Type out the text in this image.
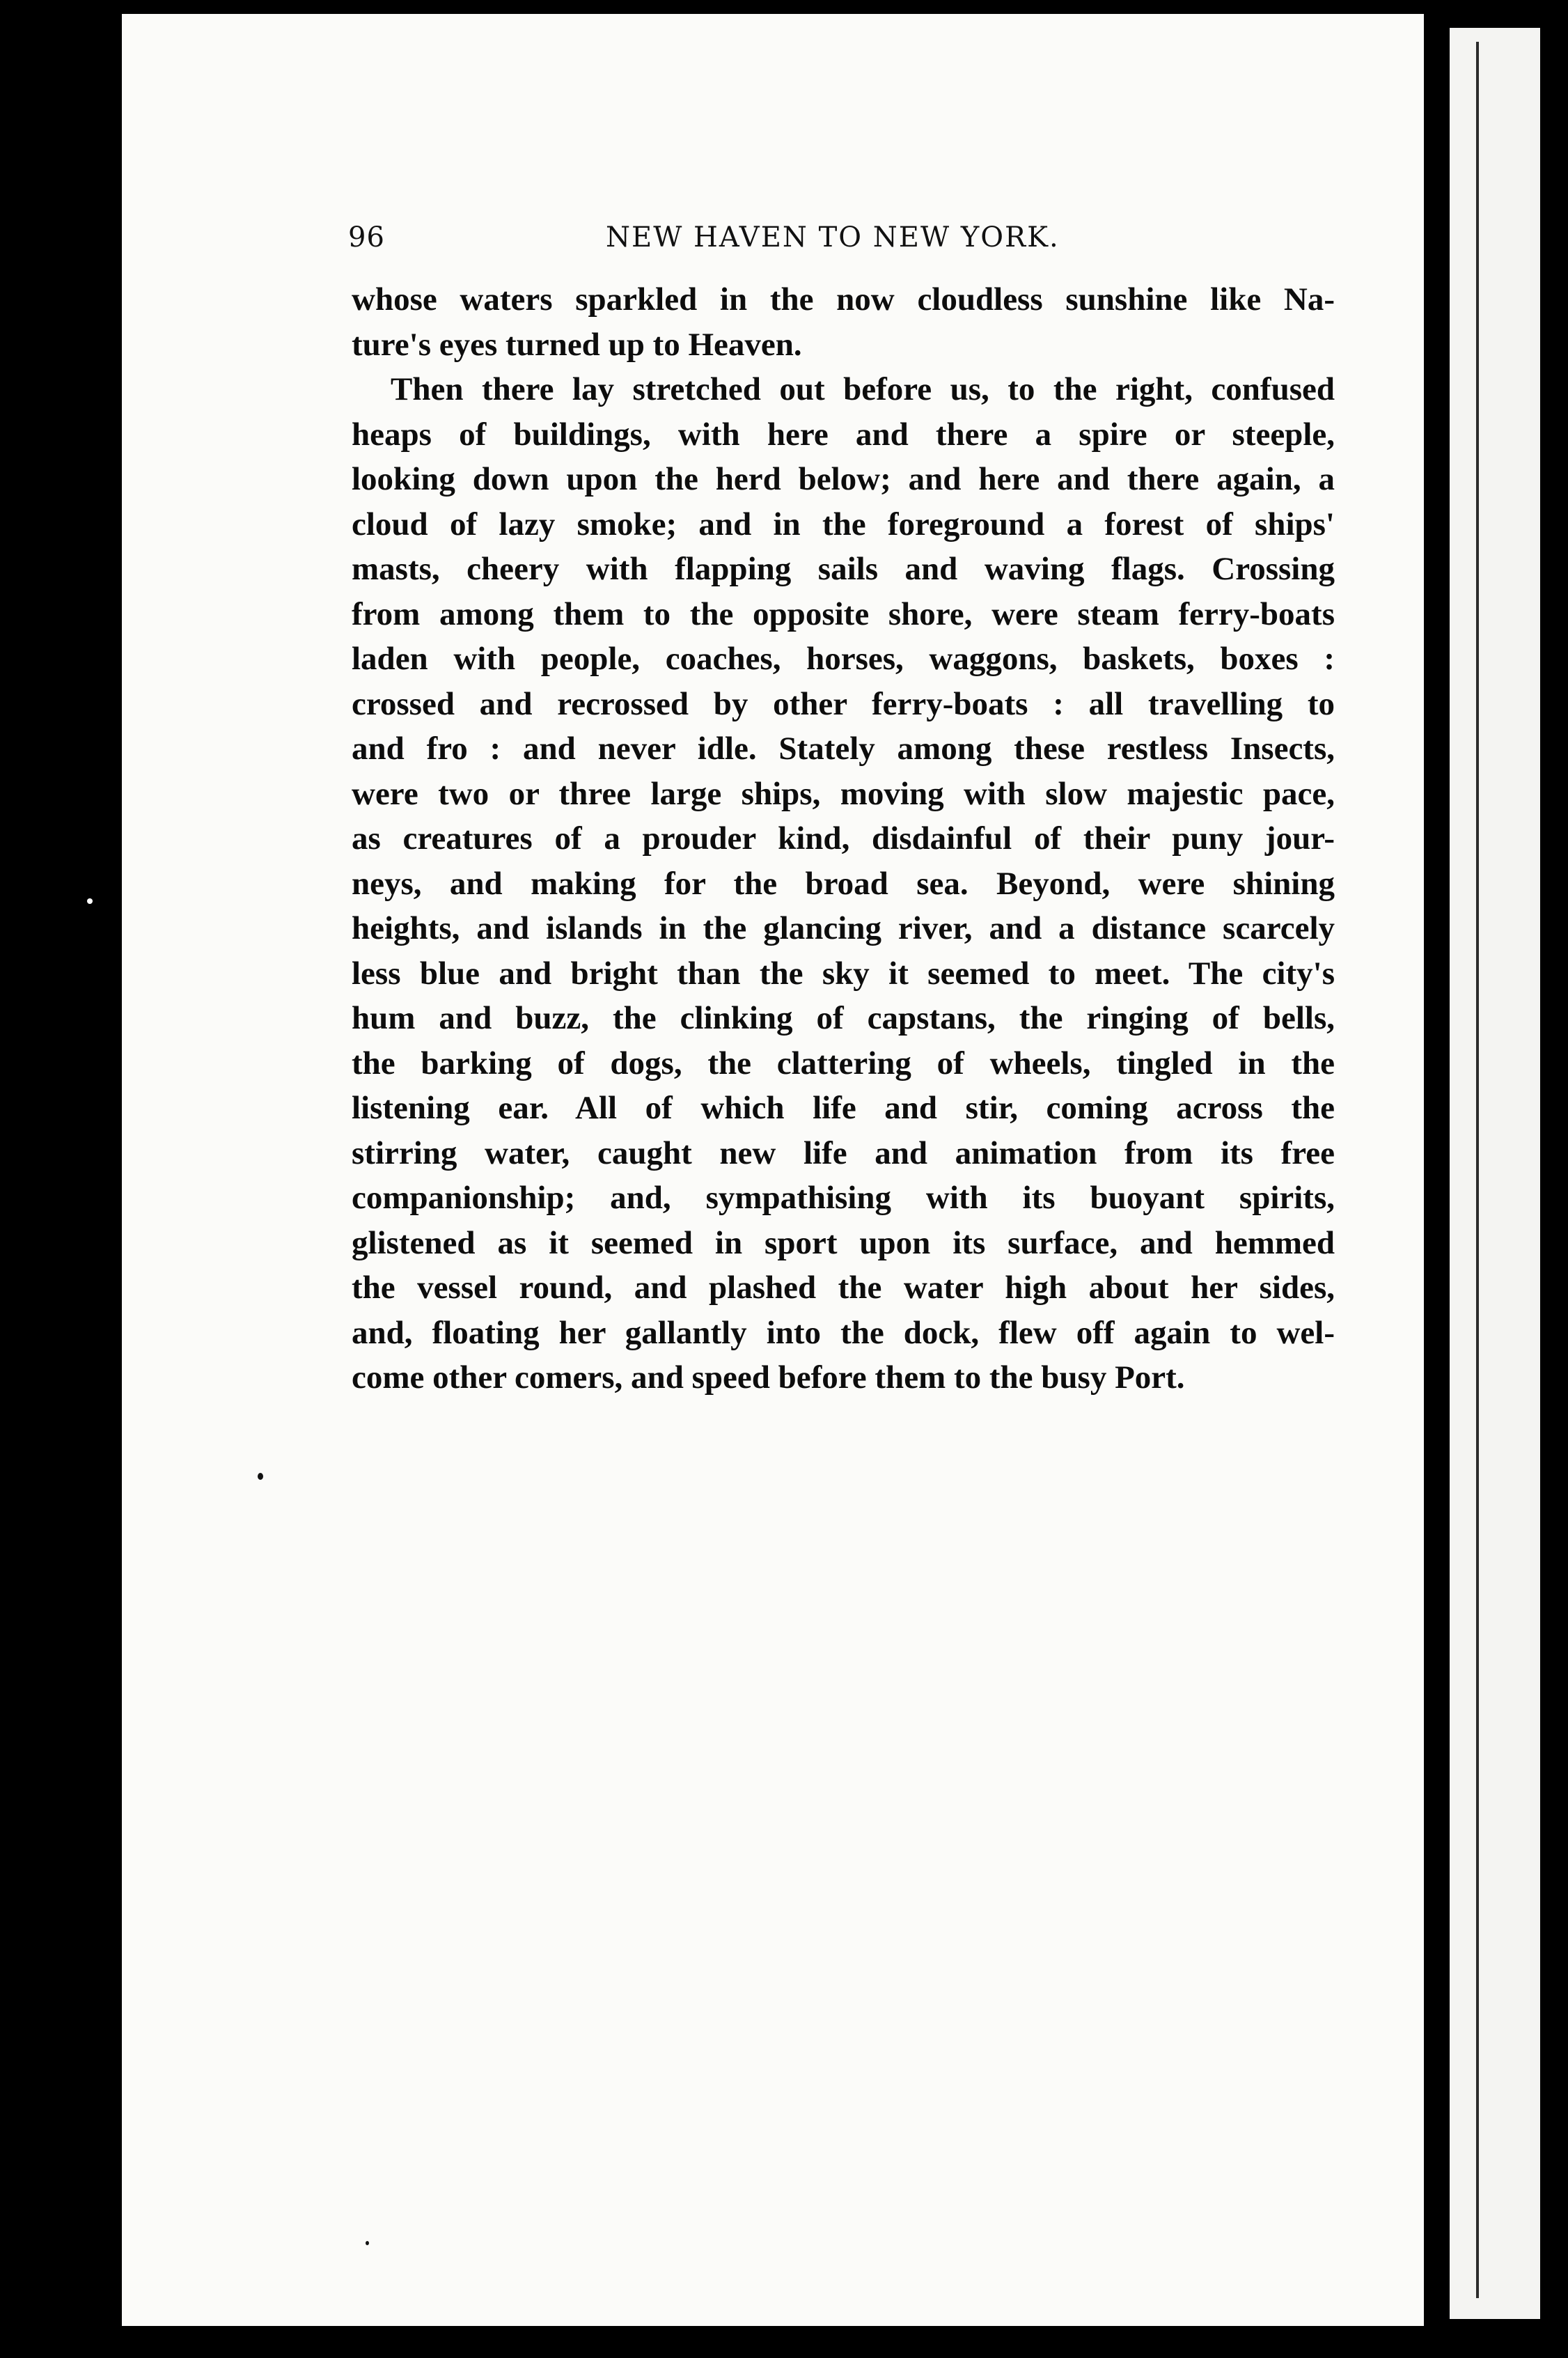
96	NEW HAVEN TO NEW YORK.
whose waters sparkled in the now cloudless sunshine like Na-
ture's eyes turned up to Heaven.
Then there lay stretched out before us, to the right, confused
heaps of buildings, with here and there a spire or steeple,
looking down upon the herd below; and here and there again, a
cloud of lazy smoke; and in the foreground a forest of ships'
masts, cheery with flapping sails and waving flags. Crossing
from among them to the opposite shore, were steam ferry-boats
laden with people, coaches, horses, waggons, baskets, boxes :
crossed and recrossed by other ferry-boats : all travelling to
and fro : and never idle. Stately among these restless Insects,
were two or three large ships, moving with slow majestic pace,
as creatures of a prouder kind, disdainful of their puny jour-
neys, and making for the broad sea. Beyond, were shining
heights, and islands in the glancing river, and a distance scarcely
less blue and bright than the sky it seemed to meet. The city's
hum and buzz, the clinking of capstans, the ringing of bells,
the barking of dogs, the clattering of wheels, tingled in the
listening ear. All of which life and stir, coming across the
stirring water, caught new life and animation from its free
companionship; and, sympathising with its buoyant spirits,
glistened as it seemed in sport upon its surface, and hemmed
the vessel round, and plashed the water high about her sides,
and, floating her gallantly into the dock, flew off again to wel-
come other comers, and speed before them to the busy Port.
